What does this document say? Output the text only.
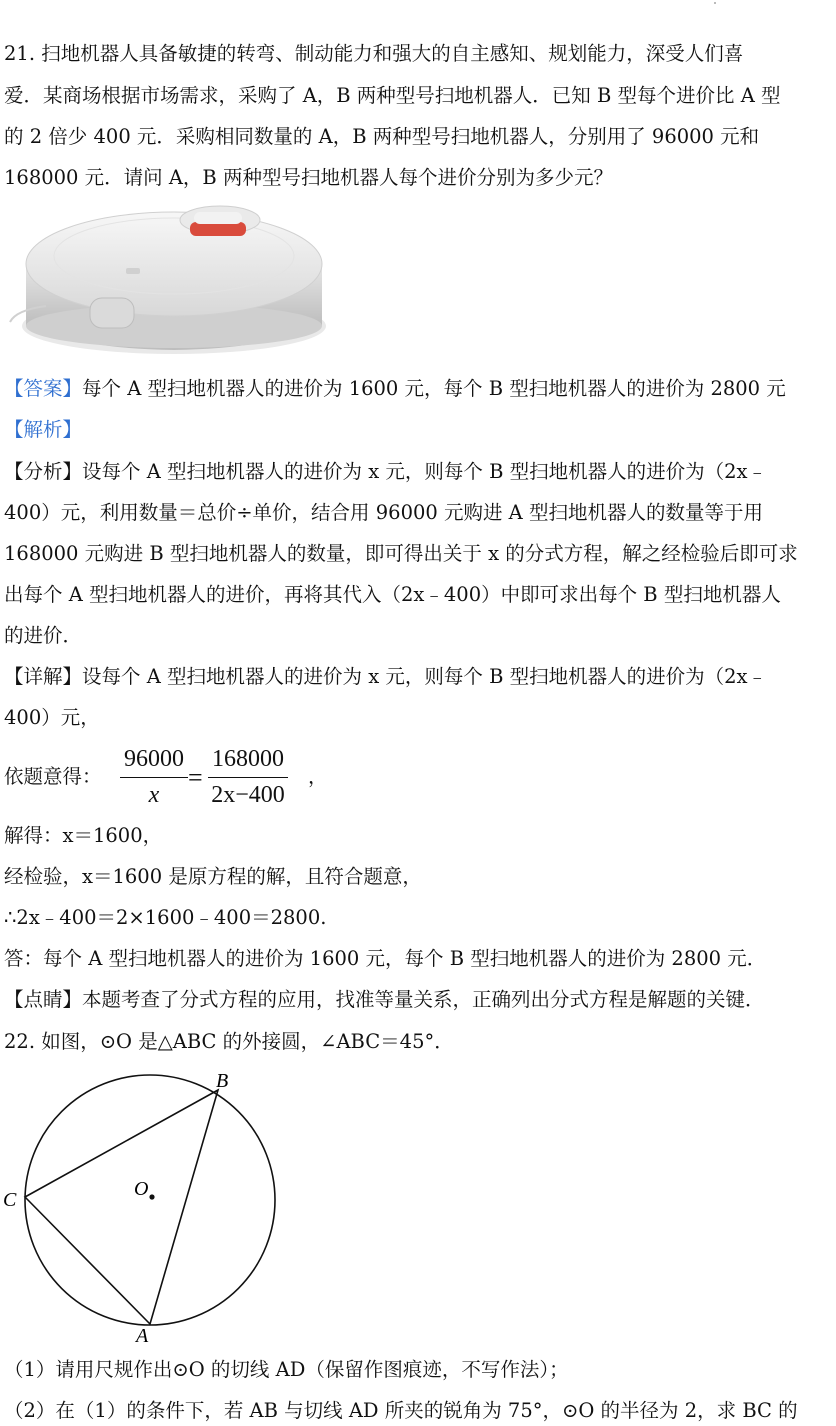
21. 扫地机器人具备敏捷的转弯、制动能力和强大的自主感知、规划能力，深受人们喜
爱．某商场根据市场需求，采购了 A，B 两种型号扫地机器人．已知 B 型每个进价比 A 型
的 2 倍少 400 元．采购相同数量的 A，B 两种型号扫地机器人，分别用了 96000 元和
168000 元．请问 A，B 两种型号扫地机器人每个进价分别为多少元？
【答案】每个 A 型扫地机器人的进价为 1600 元，每个 B 型扫地机器人的进价为 2800 元
【解析】
【分析】设每个 A 型扫地机器人的进价为 x 元，则每个 B 型扫地机器人的进价为（2x﹣
400）元，利用数量＝总价÷单价，结合用 96000 元购进 A 型扫地机器人的数量等于用
168000 元购进 B 型扫地机器人的数量，即可得出关于 x 的分式方程，解之经检验后即可求
出每个 A 型扫地机器人的进价，再将其代入（2x﹣400）中即可求出每个 B 型扫地机器人
的进价．
【详解】设每个 A 型扫地机器人的进价为 x 元，则每个 B 型扫地机器人的进价为（2x﹣
400）元，
依题意得：
96000
x
=
168000
2x−400
，
解得：x＝1600，
经检验，x＝1600 是原方程的解，且符合题意，
∴2x﹣400＝2×1600﹣400＝2800.
答：每个 A 型扫地机器人的进价为 1600 元，每个 B 型扫地机器人的进价为 2800 元．
【点睛】本题考查了分式方程的应用，找准等量关系，正确列出分式方程是解题的关键．
22. 如图，⊙O 是△ABC 的外接圆，∠ABC＝45°．
B
C	O
A
（1）请用尺规作出⊙O 的切线 AD（保留作图痕迹，不写作法）；
（2）在（1）的条件下，若 AB 与切线 AD 所夹的锐角为 75°，⊙O 的半径为 2，求 BC 的
